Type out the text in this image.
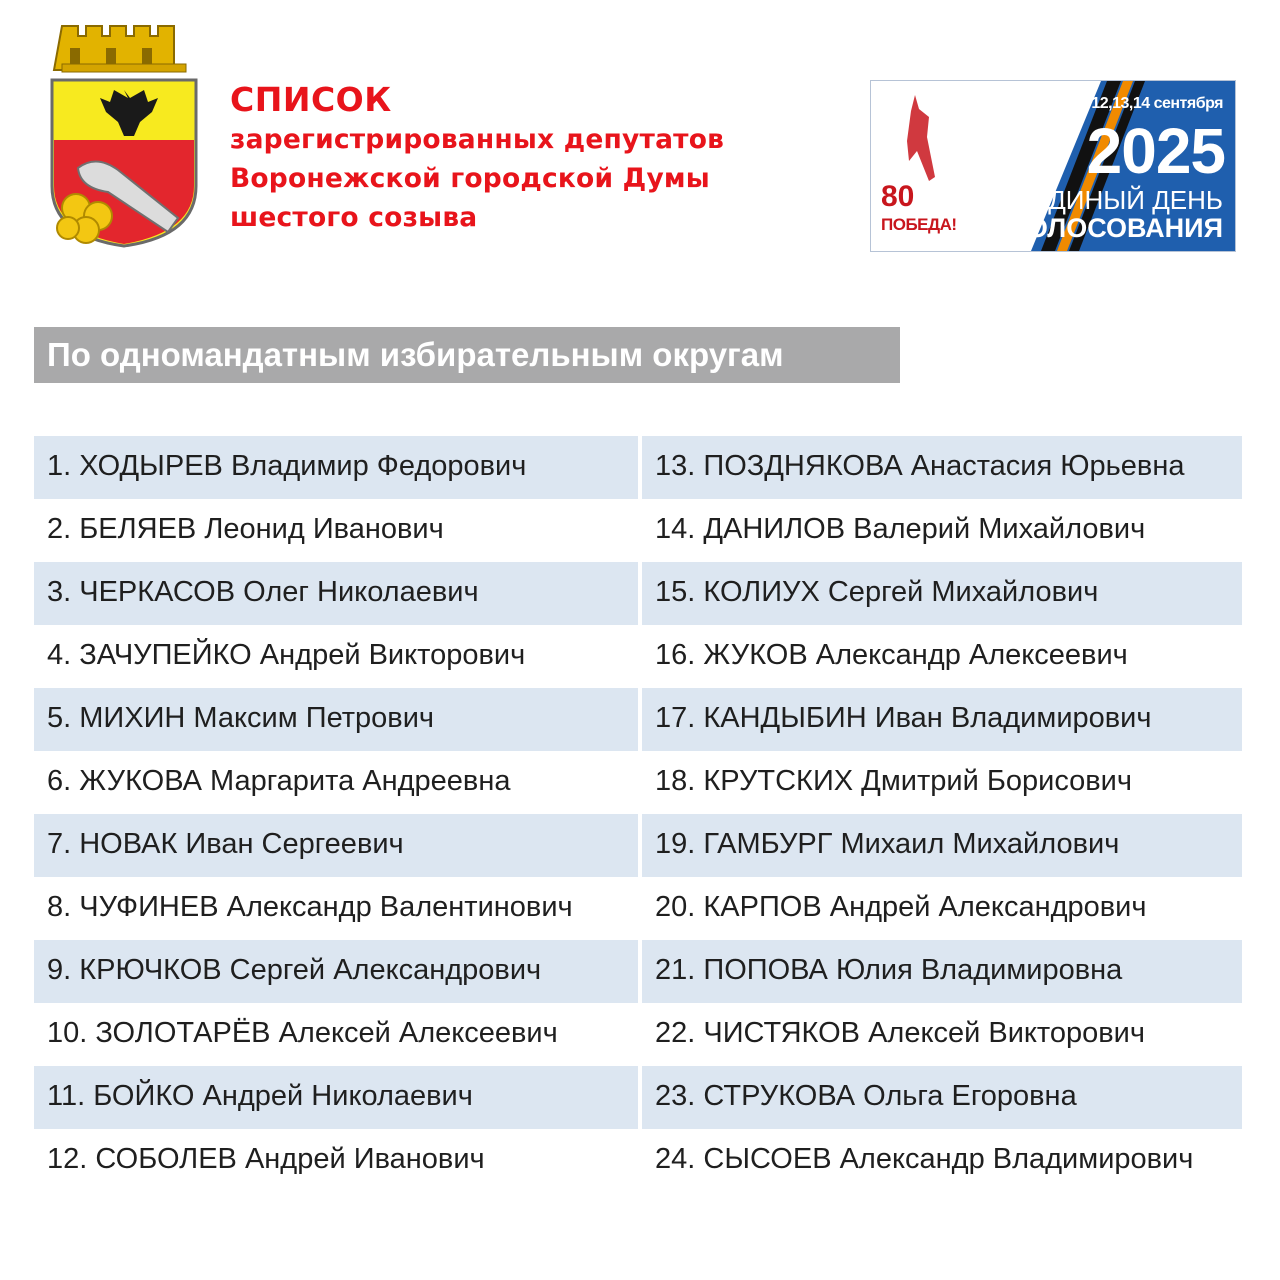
СПИСОК
зарегистрированных депутатов
Воронежской городской Думы
шестого созыва
12,13,14 сентября
2025
ЕДИНЫЙ ДЕНЬ
ГОЛОСОВАНИЯ
80
ПОБЕДА!
По одномандатным избирательным округам
1. ХОДЫРЕВ Владимир Федорович
2. БЕЛЯЕВ Леонид Иванович
3. ЧЕРКАСОВ Олег Николаевич
4. ЗАЧУПЕЙКО Андрей Викторович
5. МИХИН Максим Петрович
6. ЖУКОВА Маргарита Андреевна
7. НОВАК Иван Сергеевич
8. ЧУФИНЕВ Александр Валентинович
9. КРЮЧКОВ Сергей Александрович
10. ЗОЛОТАРЁВ Алексей Алексеевич
11. БОЙКО Андрей Николаевич
12. СОБОЛЕВ Андрей Иванович
13. ПОЗДНЯКОВА Анастасия Юрьевна
14. ДАНИЛОВ Валерий Михайлович
15. КОЛИУХ Сергей Михайлович
16. ЖУКОВ Александр Алексеевич
17. КАНДЫБИН Иван Владимирович
18. КРУТСКИХ Дмитрий Борисович
19. ГАМБУРГ Михаил Михайлович
20. КАРПОВ Андрей Александрович
21. ПОПОВА Юлия Владимировна
22. ЧИСТЯКОВ Алексей Викторович
23. СТРУКОВА Ольга Егоровна
24. СЫСОЕВ Александр Владимирович
